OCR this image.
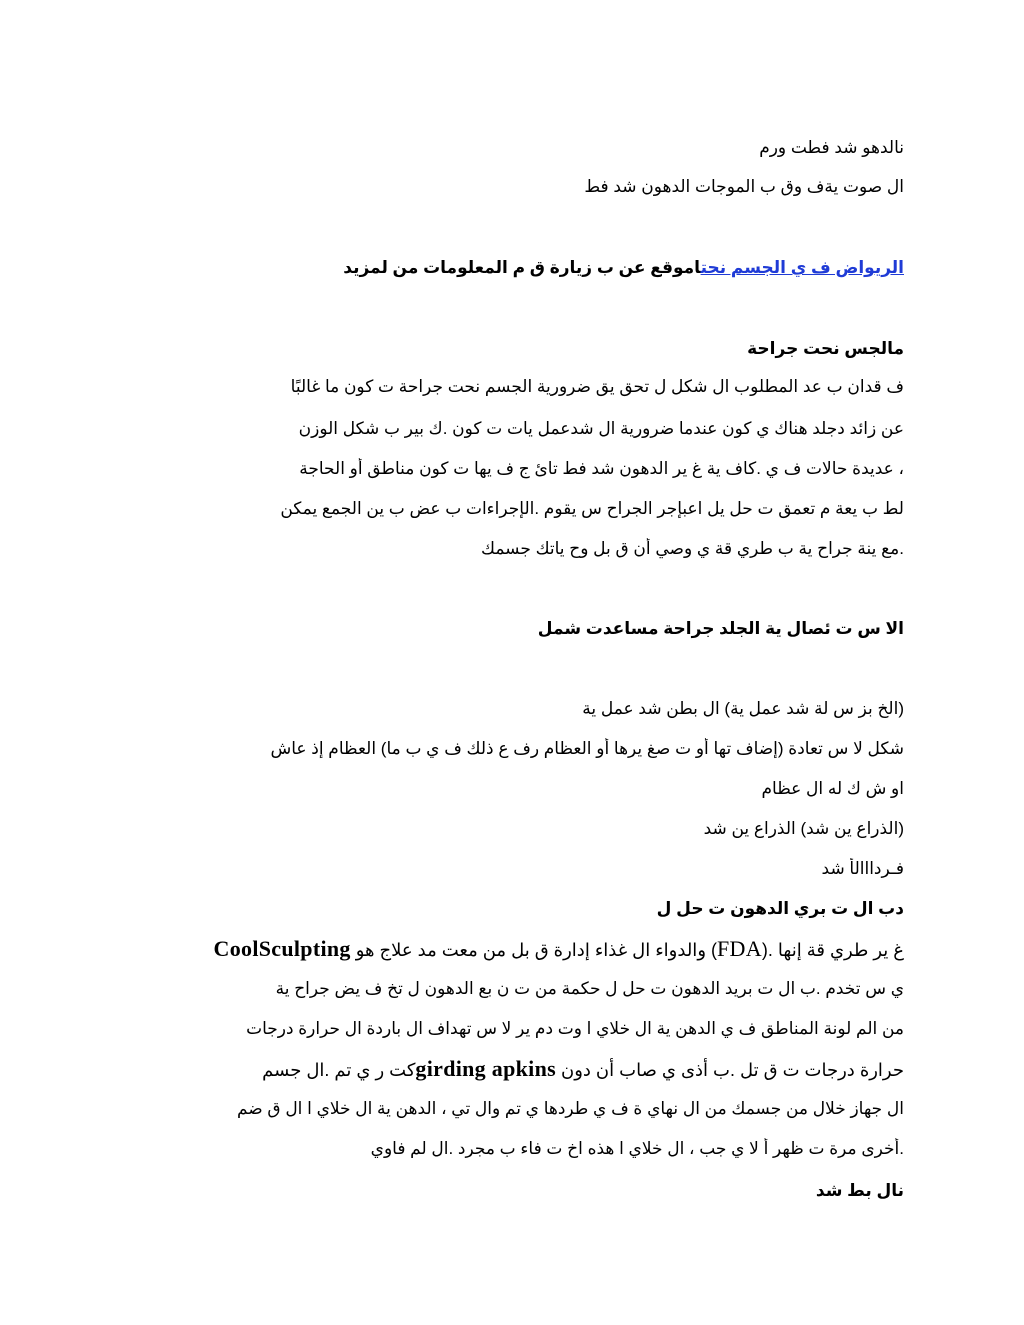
نالدهو شد فطت ورم
ال صوت يةف وق ب الموجات الدهون شد فط
الريواض ف ي الجسم نحتاموقع عن ب زيارة ق م المعلومات من لمزيد
مالجس نحت جراحة
ف قدان ب عد المطلوب ال شكل ل تحق يق ضرورية الجسم نحت جراحة ت كون ما غالبًا
عن زائد دجلد هناك ي كون عندما ضرورية ال شدعمل يات ت كون .ك بير ب شكل الوزن
، عديدة حالات ف ي .كاف ية غ ير الدهون شد فط تائ ج ف يها ت كون مناطق أو الحاجة
لط ب يعة م تعمق ت حل يل اعبإجر الجراح س يقوم .الإجراءات ب عض ب ين الجمع يمكن
.مع ينة جراح ية ب طري قة ي وصي أن ق بل وح ياتك جسمك
الا س ت ئصال ية الجلد جراحة مساعدت شمل
(الخ بز س لة شد عمل ية) ال بطن شد عمل ية
شكل لا س تعادة (إضاف تها أو ت صغ يرها أو العظام رف ع ذلك ف ي ب ما) العظام إذ عاش
او ش ك له ال عظام
(الذراع ين شد) الذراع ين شد
فـردااالأ شد
دب ال ت بري الدهون ت حل ل
غ ير طري قة إنها .(FDA) والدواء ال غذاء إدارة ق بل من معت مد علاج هو CoolSculpting
ي س تخدم .ب ال ت بريد الدهون ت حل ل حكمة من ت ن بع الدهون ل تخ ف يض جراح ية
من الم لونة المناطق ف ي الدهن ية ال خلاي ا وت دم ير لا س تهداف ال باردة ال حرارة درجات
حرارة درجات ت ق تل .ب أذى ي صاب أن دون girding apkinsكت ر ي تم .ال جسم
ال جهاز خلال من جسمك من ال نهاي ة ف ي طردها ي تم وال تي ، الدهن ية ال خلاي ا ال ق ضم
.أخرى مرة ت ظهر أ لا ي جب ، ال خلاي ا هذه اخ ت فاء ب مجرد .ال لم فاوي
نال بط شد
